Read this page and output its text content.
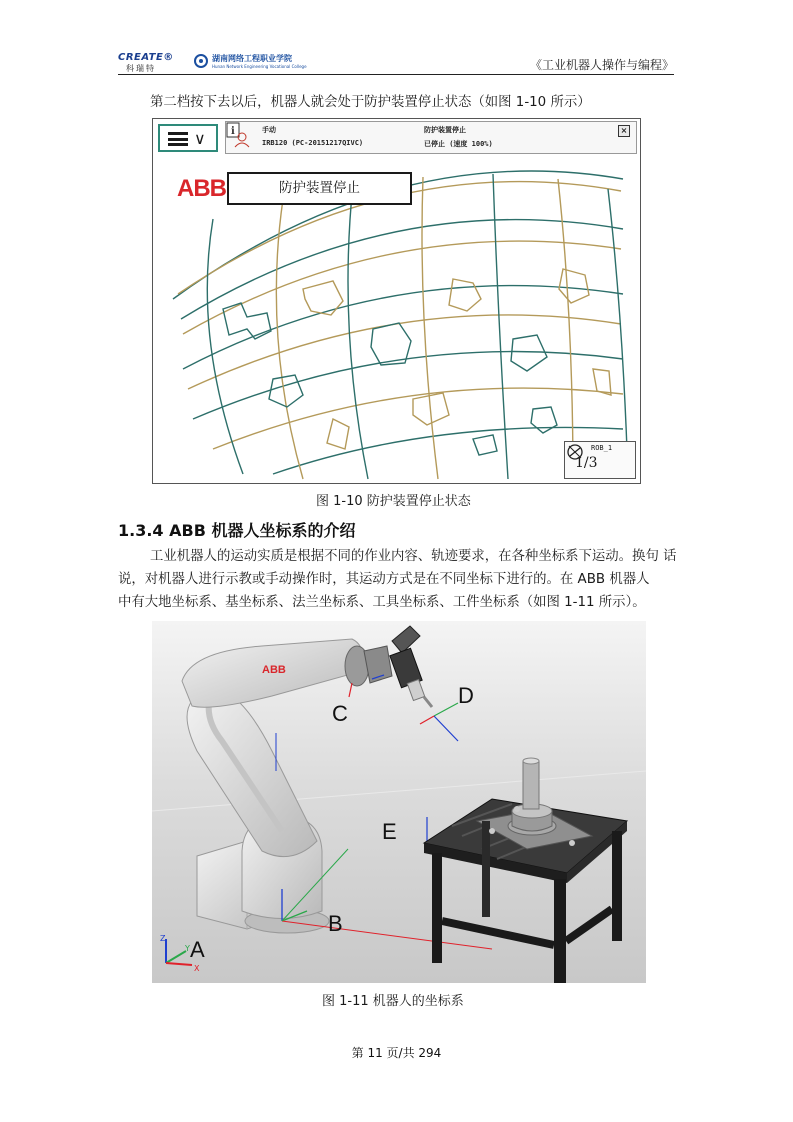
CREATE®
科瑞特
湖南网络工程职业学院
Hunan Network Engineering Vocational College	《工业机器人操作与编程》
第二档按下去以后，机器人就会处于防护装置停止状态（如图 1-10 所示）
∨	i	手动
IRB120 (PC-20151217QIVC)
防护装置停止
已停止 (速度 100%)
×
ABB	防护装置停止
ROB_1
1/3
图 1-10 防护装置停止状态
1.3.4 ABB 机器人坐标系的介绍
工业机器人的运动实质是根据不同的作业内容、轨迹要求，在各种坐标系下运动。换句 话
说，对机器人进行示教或手动操作时，其运动方式是在不同坐标下进行的。在 ABB 机器人
中有大地坐标系、基坐标系、法兰坐标系、工具坐标系、工件坐标系（如图 1-11 所示）。
ABB
Z
Y
X
A
B
C
D
E
图 1-11 机器人的坐标系
第 11 页/共 294
